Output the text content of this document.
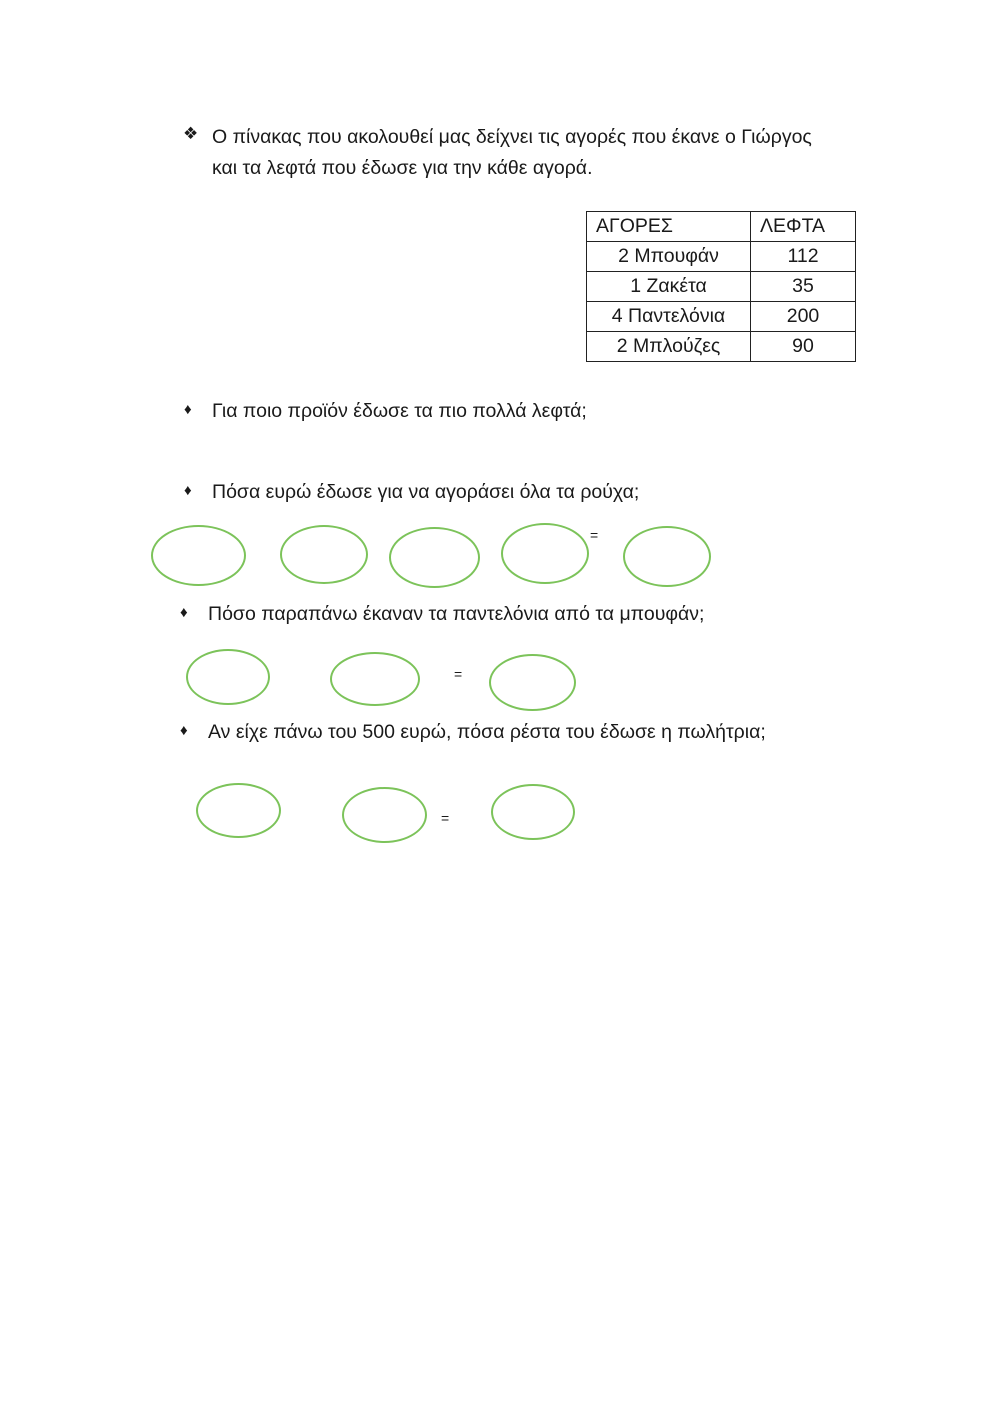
❖ Ο πίνακας που ακολουθεί μας δείχνει τις αγορές που έκανε ο Γιώργος και τα λεφτά που έδωσε για την κάθε αγορά.
ΑΓΟΡΕΣ	ΛΕΦΤΑ
2 Μπουφάν	112
1 Ζακέτα	35
4 Παντελόνια	200
2 Μπλούζες	90
♦ Για ποιο προϊόν έδωσε τα πιο πολλά λεφτά;
♦ Πόσα ευρώ έδωσε για να αγοράσει όλα τα ρούχα;
=
♦ Πόσο παραπάνω έκαναν τα παντελόνια από τα μπουφάν;
=
♦ Αν είχε πάνω του 500 ευρώ, πόσα ρέστα του έδωσε η πωλήτρια;
=
